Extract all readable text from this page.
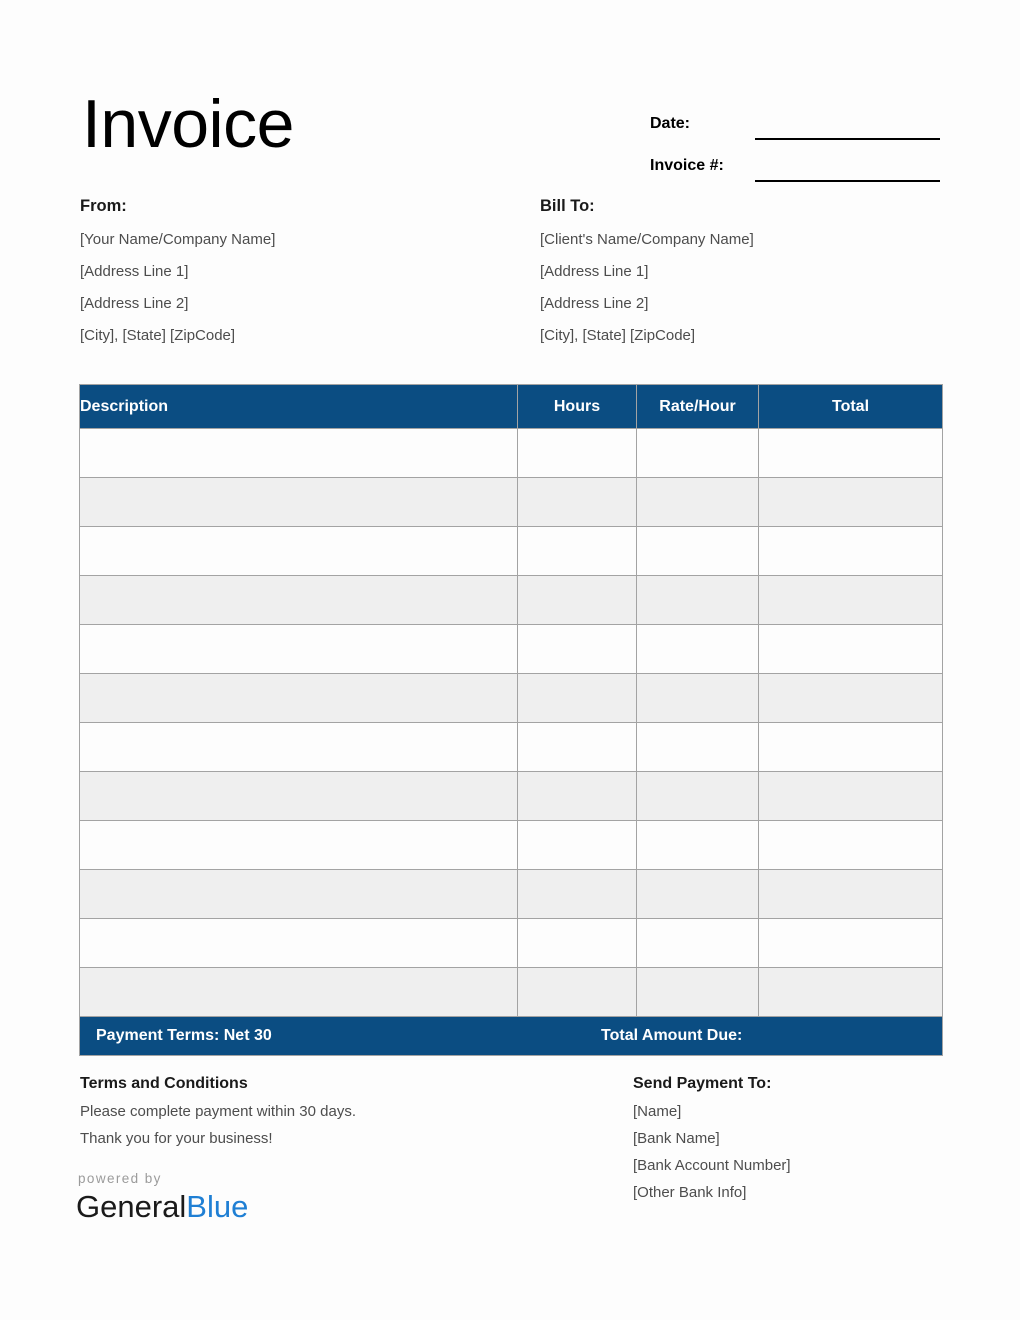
Invoice	Date:
Invoice #:

From:

[Your Name/Company Name]

[Address Line 1]

[Address Line 2]

[City], [State] [ZipCode]

Bill To:

[Client's Name/Company Name]

[Address Line 1]

[Address Line 2]

[City], [State] [ZipCode]

Description	Hours	Rate/Hour	Total

Payment Terms: Net 30 Total Amount Due:			

Terms and Conditions

Please complete payment within 30 days.

Thank you for your business!

Send Payment To:

[Name]

[Bank Name]

[Bank Account Number]

[Other Bank Info]

powered by
GeneralBlue
